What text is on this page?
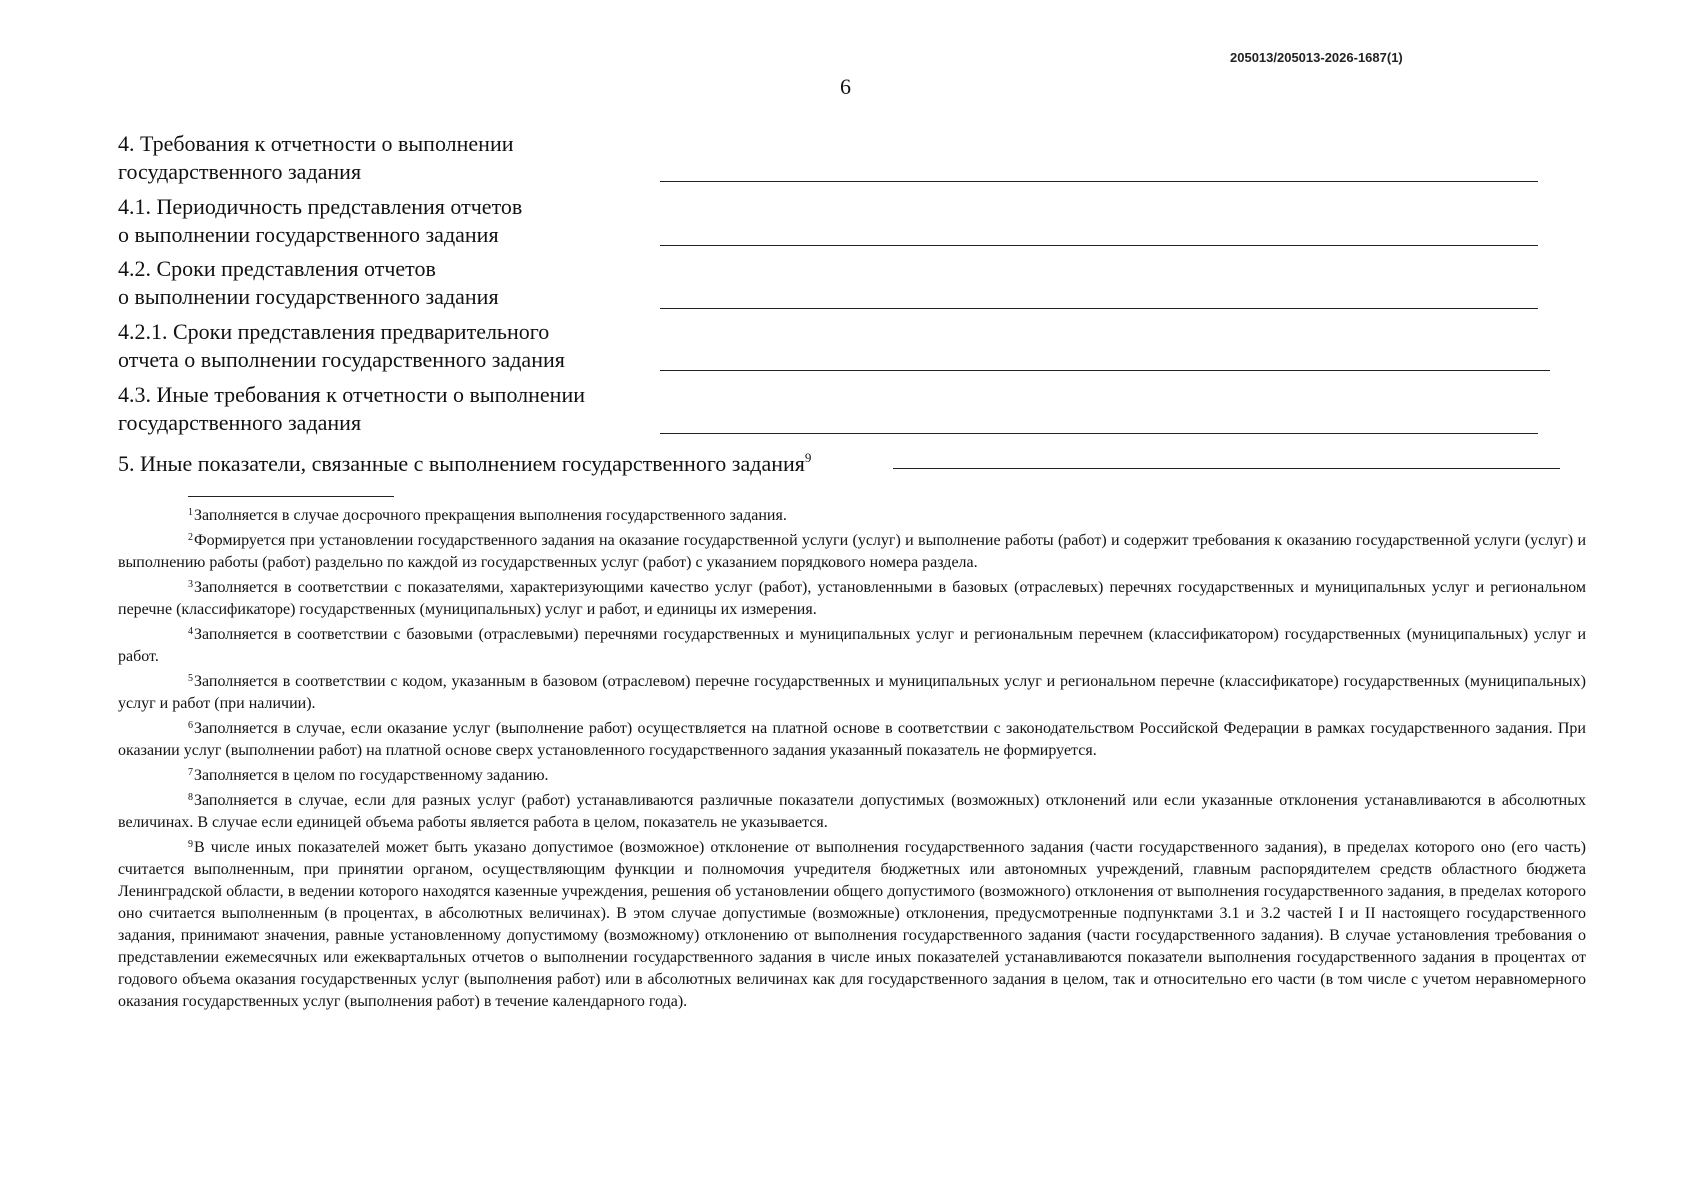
205013/205013-2026-1687(1)
6
4. Требования к отчетности о выполнении
государственного задания
4.1. Периодичность представления отчетов
о выполнении государственного задания
4.2. Сроки представления отчетов
о выполнении государственного задания
4.2.1. Сроки представления предварительного
отчета о выполнении государственного задания
4.3. Иные требования к отчетности о выполнении
государственного задания
5. Иные показатели, связанные с выполнением государственного задания$^9$

$^1$Заполняется в случае досрочного прекращения выполнения государственного задания.

$^2$Формируется при установлении государственного задания на оказание государственной услуги (услуг) и выполнение работы (работ) и содержит требования к оказанию государственной услуги (услуг) и выполнению работы (работ) раздельно по каждой из государственных услуг (работ) с указанием порядкового номера раздела.

$^3$Заполняется в соответствии с показателями, характеризующими качество услуг (работ), установленными в базовых (отраслевых) перечнях государственных и муниципальных услуг и региональном перечне (классификаторе) государственных (муниципальных) услуг и работ, и единицы их измерения.

$^4$Заполняется в соответствии с базовыми (отраслевыми) перечнями государственных и муниципальных услуг и региональным перечнем (классификатором) государственных (муниципальных) услуг и работ.

$^5$Заполняется в соответствии с кодом, указанным в базовом (отраслевом) перечне государственных и муниципальных услуг и региональном перечне (классификаторе) государственных (муниципальных) услуг и работ (при наличии).

$^6$Заполняется в случае, если оказание услуг (выполнение работ) осуществляется на платной основе в соответствии с законодательством Российской Федерации в рамках государственного задания. При оказании услуг (выполнении работ) на платной основе сверх установленного государственного задания указанный показатель не формируется.

$^7$Заполняется в целом по государственному заданию.

$^8$Заполняется в случае, если для разных услуг (работ) устанавливаются различные показатели допустимых (возможных) отклонений или если указанные отклонения устанавливаются в абсолютных величинах. В случае если единицей объема работы является работа в целом, показатель не указывается.

$^9$В числе иных показателей может быть указано допустимое (возможное) отклонение от выполнения государственного задания (части государственного задания), в пределах которого оно (его часть) считается выполненным, при принятии органом, осуществляющим функции и полномочия учредителя бюджетных или автономных учреждений, главным распорядителем средств областного бюджета Ленинградской области, в ведении которого находятся казенные учреждения, решения об установлении общего допустимого (возможного) отклонения от выполнения государственного задания, в пределах которого оно считается выполненным (в процентах, в абсолютных величинах). В этом случае допустимые (возможные) отклонения, предусмотренные подпунктами 3.1 и 3.2 частей I и II настоящего государственного задания, принимают значения, равные установленному допустимому (возможному) отклонению от выполнения государственного задания (части государственного задания). В случае установления требования о представлении ежемесячных или ежеквартальных отчетов о выполнении государственного задания в числе иных показателей устанавливаются показатели выполнения государственного задания в процентах от годового объема оказания государственных услуг (выполнения работ) или в абсолютных величинах как для государственного задания в целом, так и относительно его части (в том числе с учетом неравномерного оказания государственных услуг (выполнения работ) в течение календарного года).
